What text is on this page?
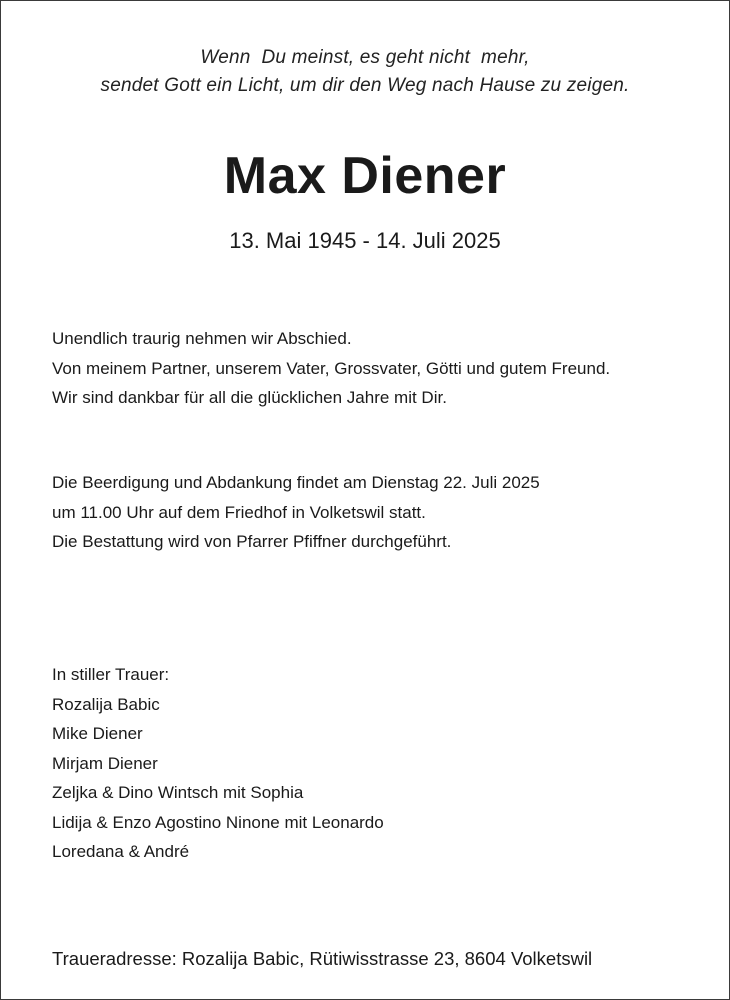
Wenn  Du meinst, es geht nicht  mehr,
sendet Gott ein Licht, um dir den Weg nach Hause zu zeigen.
Max Diener
13. Mai 1945 - 14. Juli 2025
Unendlich traurig nehmen wir Abschied.
Von meinem Partner, unserem Vater, Grossvater, Götti und gutem Freund.
Wir sind dankbar für all die glücklichen Jahre mit Dir.
Die Beerdigung und Abdankung findet am Dienstag 22. Juli 2025
um 11.00 Uhr auf dem Friedhof in Volketswil statt.
Die Bestattung wird von Pfarrer Pfiffner durchgeführt.
In stiller Trauer:
Rozalija Babic
Mike Diener
Mirjam Diener
Zeljka & Dino Wintsch mit Sophia
Lidija & Enzo Agostino Ninone mit Leonardo
Loredana & André
Traueradresse: Rozalija Babic, Rütiwisstrasse 23, 8604 Volketswil
